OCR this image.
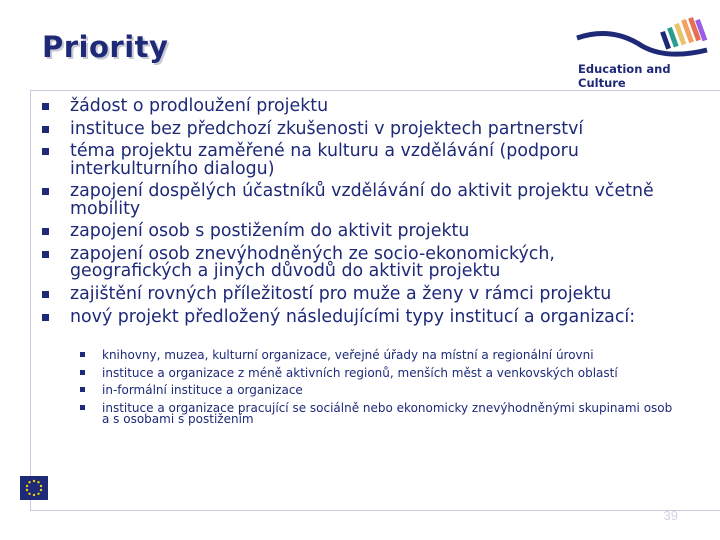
Priority
Education and Culture
žádost o prodloužení projektu
instituce bez předchozí zkušenosti v projektech partnerství
téma projektu zaměřené na kulturu a vzdělávání (podporu interkulturního dialogu)
zapojení dospělých účastníků vzdělávání do aktivit projektu včetně mobility
zapojení osob s postižením do aktivit projektu
zapojení osob znevýhodněných ze socio-ekonomických, geografických a jiných důvodů do aktivit projektu
zajištění rovných příležitostí pro muže a ženy v rámci projektu
nový projekt předložený následujícími typy institucí a organizací:
knihovny, muzea, kulturní organizace, veřejné úřady na místní a regionální úrovni
instituce a organizace z méně aktivních regionů, menších měst a venkovských oblastí
in-formální instituce a organizace
instituce a organizace pracující se sociálně nebo ekonomicky znevýhodněnými skupinami osob a s osobami s postižením
39
